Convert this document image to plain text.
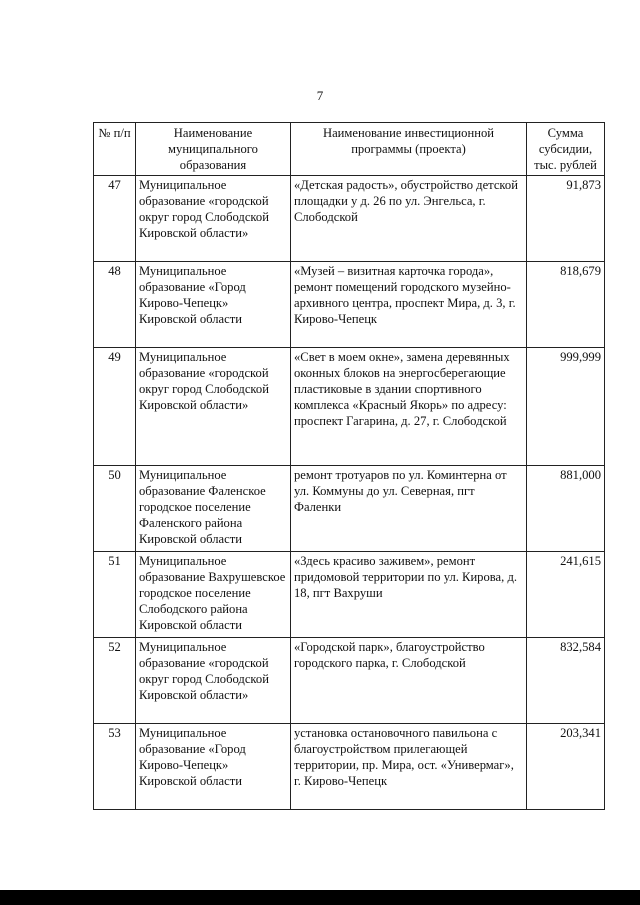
7
№ п/п	Наименование муниципального образования	Наименование инвестиционной программы (проекта)	Сумма субсидии, тыс. рублей
47	Муниципальное образование «городской округ город Слободской Кировской области»	«Детская радость», обустройство детской площадки у д. 26 по ул. Энгельса, г. Слободской	91,873
48	Муниципальное образование «Город Кирово-Чепецк» Кировской области	«Музей – визитная карточка города», ремонт помещений городского музейно-архивного центра, проспект Мира, д. 3, г. Кирово-Чепецк	818,679
49	Муниципальное образование «городской округ город Слободской Кировской области»	«Свет в моем окне», замена деревянных оконных блоков на энергосберегающие пластиковые в здании спортивного комплекса «Красный Якорь» по адресу: проспект Гагарина, д. 27, г. Слободской	999,999
50	Муниципальное образование Фаленское городское поселение Фаленского района Кировской области	ремонт тротуаров по ул. Коминтерна от ул. Коммуны до ул. Северная, пгт Фаленки	881,000
51	Муниципальное образование Вахрушевское городское поселение Слободского района Кировской области	«Здесь красиво заживем», ремонт придомовой территории по ул. Кирова, д. 18, пгт Вахруши	241,615
52	Муниципальное образование «городской округ город Слободской Кировской области»	«Городской парк», благоустройство городского парка, г. Слободской	832,584
53	Муниципальное образование «Город Кирово-Чепецк» Кировской области	установка остановочного павильона с благоустройством прилегающей территории, пр. Мира, ост. «Универмаг», г. Кирово-Чепецк	203,341
